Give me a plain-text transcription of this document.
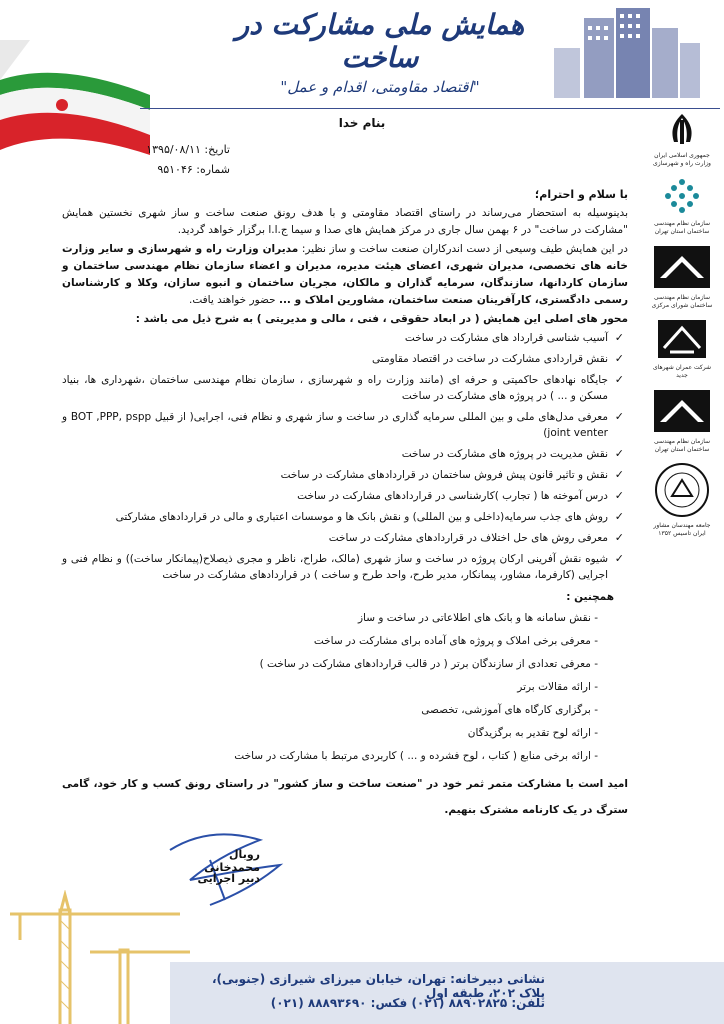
همایش ملی مشارکت در ساخت
"اقتصاد مقاومتی، اقدام و عمل"
بنام خدا
تاریخ: ۱۳۹۵/۰۸/۱۱
شماره: ۹۵۱۰۴۶
جمهوری اسلامی ایران وزارت راه و شهرسازی
سازمان نظام مهندسی ساختمان استان تهران
سازمان نظام مهندسی ساختمان شورای مرکزی
شرکت عمران شهرهای جدید
سازمان نظام مهندسی ساختمان استان تهران
جامعه مهندسان مشاور ایران تاسیس ۱۳۵۲
با سلام و احترام؛

بدینوسیله به استحضار می‌رساند در راستای اقتصاد مقاومتی و با هدف رونق صنعت ساخت و ساز شهری نخستین همایش "مشارکت در ساخت" در ۶ بهمن سال جاری در مرکز همایش های صدا و سیما ج.ا.ا برگزار خواهد گردید.

در این همایش طیف وسیعی از دست اندرکاران صنعت ساخت و ساز نظیر: مدیران وزارت راه و شهرسازی و سایر وزارت خانه های تخصصی، مدیران شهری، اعضای هیئت مدیره، مدیران و اعضاء سازمان نظام مهندسی ساختمان و سازمان کاردانها، سازندگان، سرمایه گذاران و مالکان، مجریان ساختمان و انبوه سازان، وکلا و کارشناسان رسمی دادگستری، کارآفرینان صنعت ساختمان، مشاورین املاک و ... حضور خواهند یافت.

محور های اصلی این همایش ( در ابعاد حقوقی ، فنی ، مالی و مدیریتی ) به شرح ذیل می باشد :
✓
آسیب شناسی قرارداد های مشارکت در ساخت
✓
نقش قراردادی مشارکت در ساخت در اقتصاد مقاومتی
✓
جایگاه نهادهای حاکمیتی و حرفه ای (مانند وزارت راه و شهرسازی ، سازمان نظام مهندسی ساختمان ،شهرداری ها، بنیاد مسکن و ... ) در پروژه های مشارکت در ساخت
✓
معرفی مدل‌های ملی و بین المللی سرمایه گذاری در ساخت و ساز شهری و نظام فنی، اجرایی( از قبیل BOT ,PPP, pspp و joint venter)
✓
نقش مدیریت در پروژه های مشارکت در ساخت
✓
نقش و تاثیر قانون پیش فروش ساختمان در قراردادهای مشارکت در ساخت
✓
درس آموخته ها ( تجارب )کارشناسی در قراردادهای مشارکت در ساخت
✓
روش های جذب سرمایه(داخلی و بین المللی) و نقش بانک ها و موسسات اعتباری و مالی در قراردادهای مشارکتی
✓
معرفی روش های حل اختلاف در قراردادهای مشارکت در ساخت
✓
شیوه نقش آفرینی ارکان پروژه در ساخت و ساز شهری (مالک، طراح، ناظر و مجری ذیصلاح(پیمانکار ساخت)) و نظام فنی و اجرایی (کارفرما، مشاور، پیمانکار، مدیر طرح، واحد طرح و ساخت ) در قراردادهای مشارکت در ساخت
همچنین :
- نقش سامانه ها و بانک های اطلاعاتی در ساخت و ساز
- معرفی برخی املاک و پروژه های آماده برای مشارکت در ساخت
- معرفی تعدادی از سازندگان برتر ( در قالب قراردادهای مشارکت در ساخت )
- ارائه مقالات برتر
- برگزاری کارگاه های آموزشی، تخصصی
- ارائه لوح تقدیر به برگزیدگان
- ارائه برخی منابع ( کتاب ، لوح فشرده و ... ) کاربردی مرتبط با مشارکت در ساخت
امید است با مشارکت متمر ثمر خود در "صنعت ساخت و ساز کشور" در راستای رونق کسب و کار خود، گامی سترگ در یک کارنامه مشترک بنهیم.
روبال محمدخانی
دبیر اجرایی
نشانی دبیرخانه: تهران، خیابان میرزای شیرازی (جنوبی)، پلاک ۲۰۲، طبقه اول
تلفن: ۸۸۹۰۲۸۲۵ (۰۲۱) فکس: ۸۸۸۹۳۶۹۰ (۰۲۱)
